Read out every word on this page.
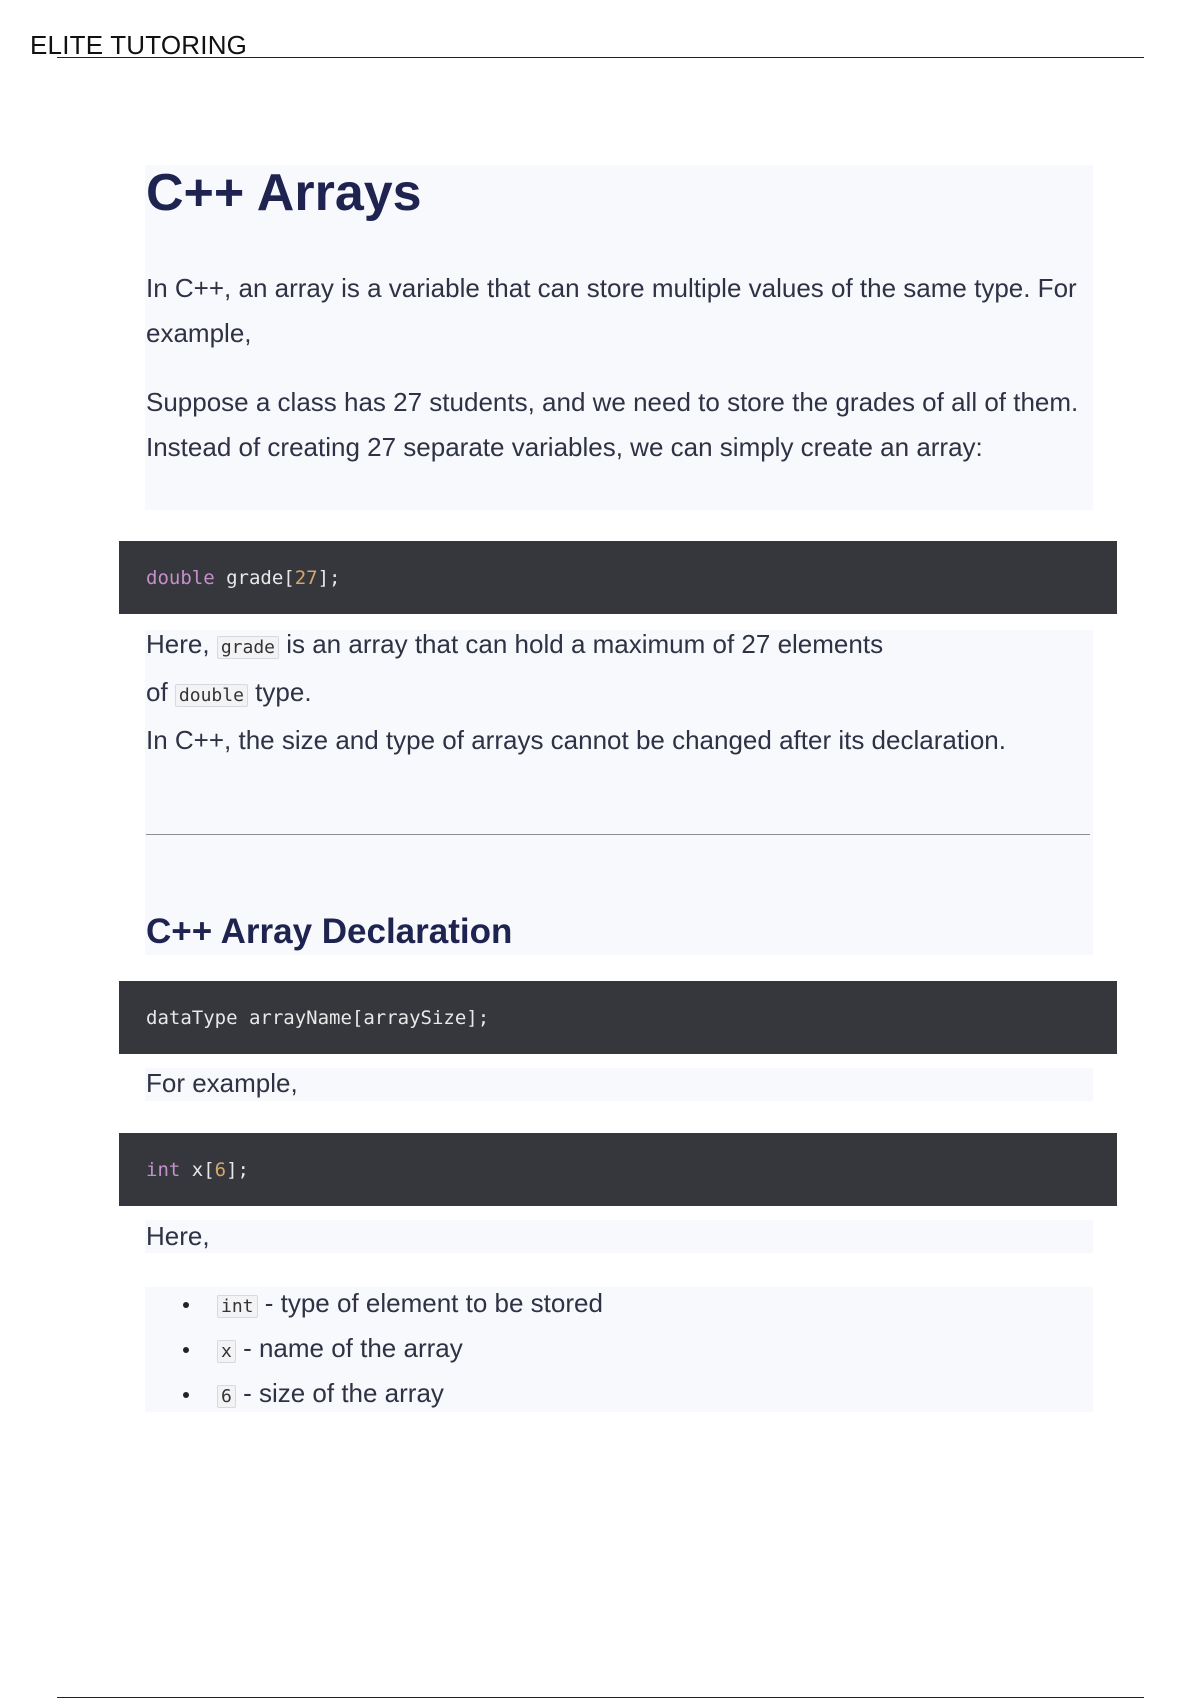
ELITE TUTORING
C++ Arrays

In C++, an array is a variable that can store multiple values of the same type. For example,

Suppose a class has 27 students, and we need to store the grades of all of them. Instead of creating 27 separate variables, we can simply create an array:

double grade[ 27 ];

Here, grade is an array that can hold a maximum of 27 elements
of double type.
In C++, the size and type of arrays cannot be changed after its declaration.

C++ Array Declaration
dataType arrayName[arraySize];

For example,

int x[ 6 ];

Here,

int - type of element to be stored
x - name of the array
6 - size of the array
